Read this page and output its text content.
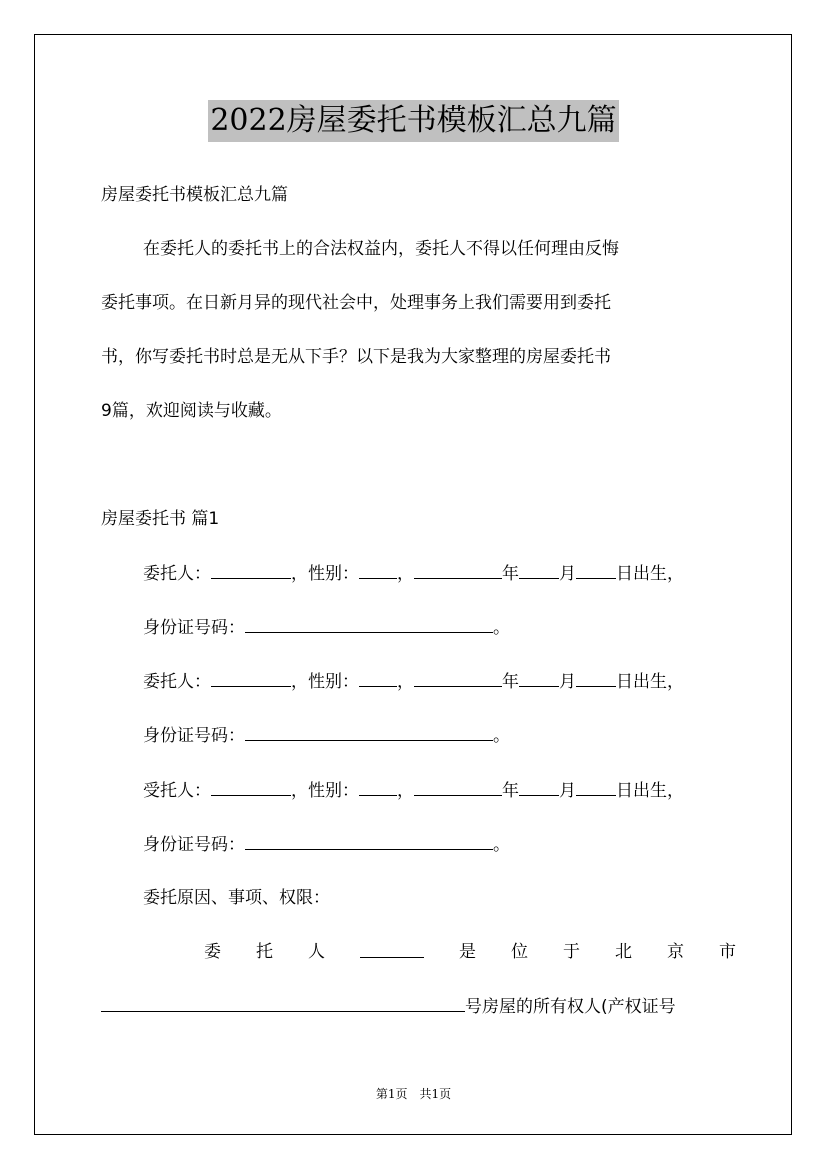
2022房屋委托书模板汇总九篇
房屋委托书模板汇总九篇
在委托人的委托书上的合法权益内，委托人不得以任何理由反悔
委托事项。在日新月异的现代社会中，处理事务上我们需要用到委托
书，你写委托书时总是无从下手？以下是我为大家整理的房屋委托书
9篇，欢迎阅读与收藏。
房屋委托书 篇1
委托人：	，性别： ，	年 月 日出生，
身份证号码：	。
委托人：	，性别： ，	年 月 日出生，
身份证号码：	。
受托人：	，性别： ，	年 月 日出生，
身份证号码：	。
委托原因、事项、权限：
委 托 人	是 位 于 北 京 市
号房屋的所有权人(产权证号
第1页 共1页
